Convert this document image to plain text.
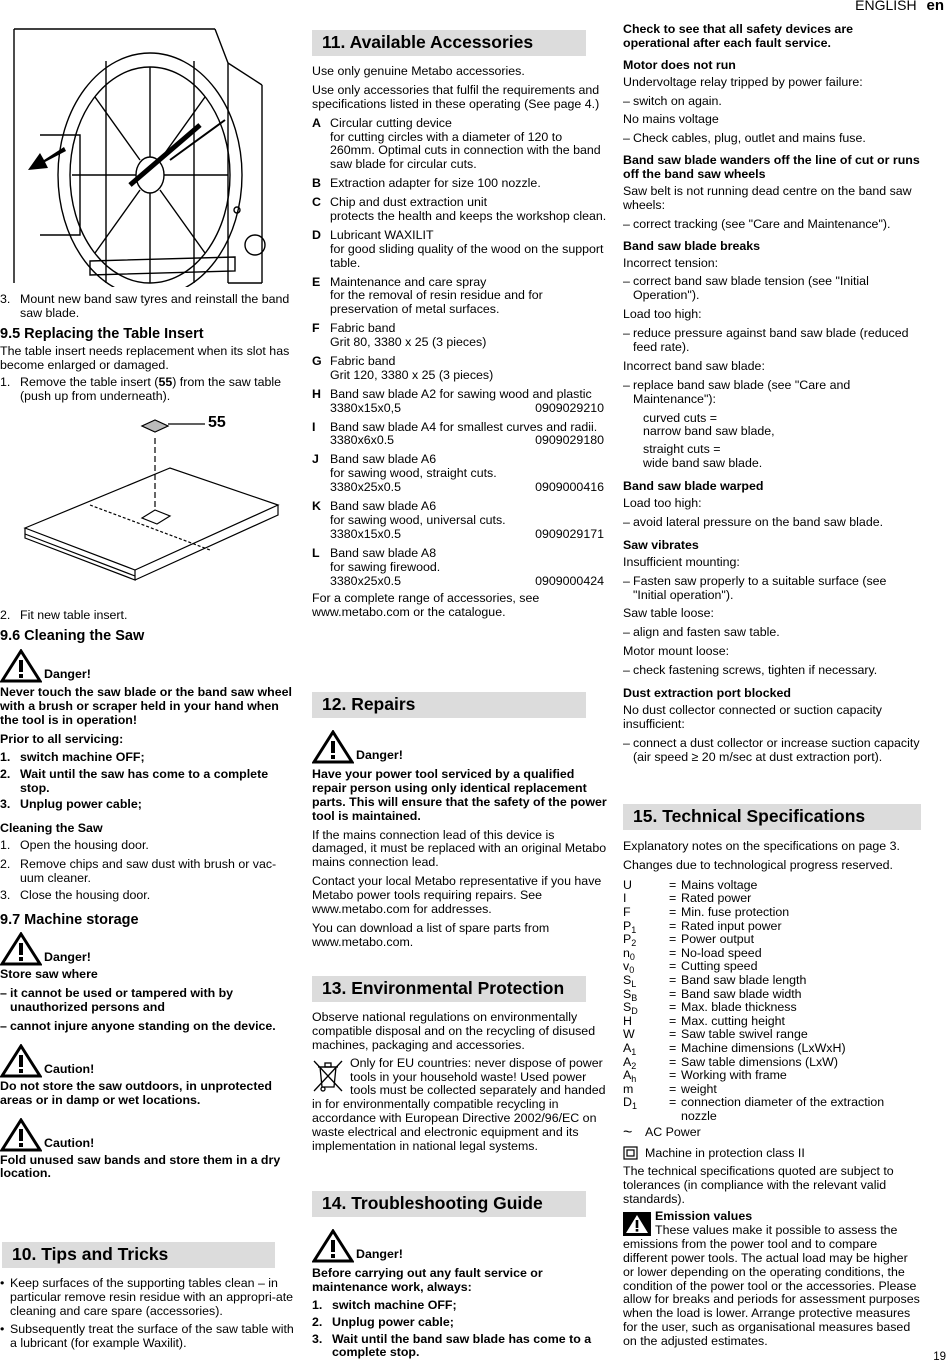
ENGLISH en
19
3. Mount new band saw tyres and reinstall the band saw blade.

9.5 Replacing the Table Insert

The table insert needs replacement when its slot has become enlarged or damaged.

1. Remove the table insert (55) from the saw table (push up from underneath).
55
2. Fit new table insert.

9.6 Cleaning the Saw

Danger!

Never touch the saw blade or the band saw wheel with a brush or scraper held in your hand when the tool is in operation!

Prior to all servicing:

1. switch machine OFF;
2. Wait until the saw has come to a complete stop.
3. Unplug power cable;

Cleaning the Saw

1. Open the housing door.
2. Remove chips and saw dust with brush or vac-uum cleaner.
3. Close the housing door.

9.7 Machine storage

Danger!

Store saw where

– it cannot be used or tampered with by unauthorized persons and
– cannot injure anyone standing on the device.
Caution!

Do not store the saw outdoors, in unprotected areas or in damp or wet locations.

Caution!

Fold unused saw bands and store them in a dry location.

10. Tips and Tricks
• Keep surfaces of the supporting tables clean – in particular remove resin residue with an appropri-ate cleaning and care spare (accessories).
• Subsequently treat the surface of the saw table with a lubricant (for example Waxilit).
11. Available Accessories

Use only genuine Metabo accessories.

Use only accessories that fulfil the requirements and specifications listed in these operating (See page 4.)

A Circular cutting device
for cutting circles with a diameter of 120 to 260mm. Optimal cuts in connection with the band saw blade for circular cuts.
B Extraction adapter for size 100 nozzle.
C Chip and dust extraction unit
protects the health and keeps the workshop clean.
D Lubricant WAXILIT
for good sliding quality of the wood on the support table.
E Maintenance and care spray
for the removal of resin residue and for preservation of metal surfaces.
F Fabric band
Grit 80, 3380 x 25 (3 pieces)
G Fabric band
Grit 120, 3380 x 25 (3 pieces)
H Band saw blade A2 for sawing wood and plastic
3380x15x0,5	0909029210
I	Band saw blade A4 for smallest curves and radii.
3380x6x0.5	0909029180
J Band saw blade A6
for sawing wood, straight cuts.
3380x25x0.5	0909000416
K Band saw blade A6
for sawing wood, universal cuts.
3380x15x0.5	0909029171
L Band saw blade A8
for sawing firewood.
3380x25x0.5	0909000424

For a complete range of accessories, see www.metabo.com or the catalogue.

12. Repairs
Danger!

Have your power tool serviced by a qualified repair person using only identical replacement parts. This will ensure that the safety of the power tool is maintained.

If the mains connection lead of this device is damaged, it must be replaced with an original Metabo mains connection lead.

Contact your local Metabo representative if you have Metabo power tools requiring repairs. See www.metabo.com for addresses.

You can download a list of spare parts from www.metabo.com.

13. Environmental Protection

Observe national regulations on environmentally compatible disposal and on the recycling of disused machines, packaging and accessories.

Only for EU countries: never dispose of power tools in your household waste! Used power tools must be collected separately and handed in for environmentally compatible recycling in accordance with European Directive 2002/96/EC on waste electrical and electronic equipment and its implementation in national legal systems.

14. Troubleshooting Guide
Danger!

Before carrying out any fault service or maintenance work, always:

1. switch machine OFF;
2. Unplug power cable;
3. Wait until the band saw blade has come to a complete stop.

Check to see that all safety devices are operational after each fault service.

Motor does not run

Undervoltage relay tripped by power failure:

– switch on again.

No mains voltage

– Check cables, plug, outlet and mains fuse.

Band saw blade wanders off the line of cut or runs off the band saw wheels

Saw belt is not running dead centre on the band saw wheels:

– correct tracking (see "Care and Maintenance").

Band saw blade breaks

Incorrect tension:

– correct band saw blade tension (see "Initial Operation").

Load too high:

– reduce pressure against band saw blade (reduced feed rate).

Incorrect band saw blade:

– replace band saw blade (see "Care and Maintenance"):

curved cuts =

narrow band saw blade,

straight cuts =

wide band saw blade.

Band saw blade warped

Load too high:

– avoid lateral pressure on the band saw blade.

Saw vibrates

Insufficient mounting:

– Fasten saw properly to a suitable surface (see "Initial operation").

Saw table loose:

– align and fasten saw table.

Motor mount loose:

– check fastening screws, tighten if necessary.

Dust extraction port blocked

No dust collector connected or suction capacity insufficient:

– connect a dust collector or increase suction capacity (air speed ≥ 20 m/sec at dust extraction port).
15. Technical Specifications

Explanatory notes on the specifications on page 3.

Changes due to technological progress reserved.

U	= Mains voltage
I	= Rated power
F	= Min. fuse protection
$P_1$	= Rated input power
$P_2$	= Power output
$n_0$	= No-load speed
$v_0$	= Cutting speed
$S_L$	= Band saw blade length
$S_B$	= Band saw blade width
$S_D$	= Max. blade thickness
H	= Max. cutting height
W	= Saw table swivel range
$A_1$	= Machine dimensions (LxWxH)
$A_2$	= Saw table dimensions (LxW)
$A_h$	= Working with frame
m	= weight
$D_1$	= connection diameter of the extraction nozzle
~	AC Power
Machine in protection class II

The technical specifications quoted are subject to tolerances (in compliance with the relevant valid standards).

Emission values

These values make it possible to assess the emissions from the power tool and to compare different power tools. The actual load may be higher or lower depending on the operating conditions, the condition of the power tool or the accessories. Please allow for breaks and periods for assessment purposes when the load is lower. Arrange protective measures for the user, such as organisational measures based on the adjusted estimates.
